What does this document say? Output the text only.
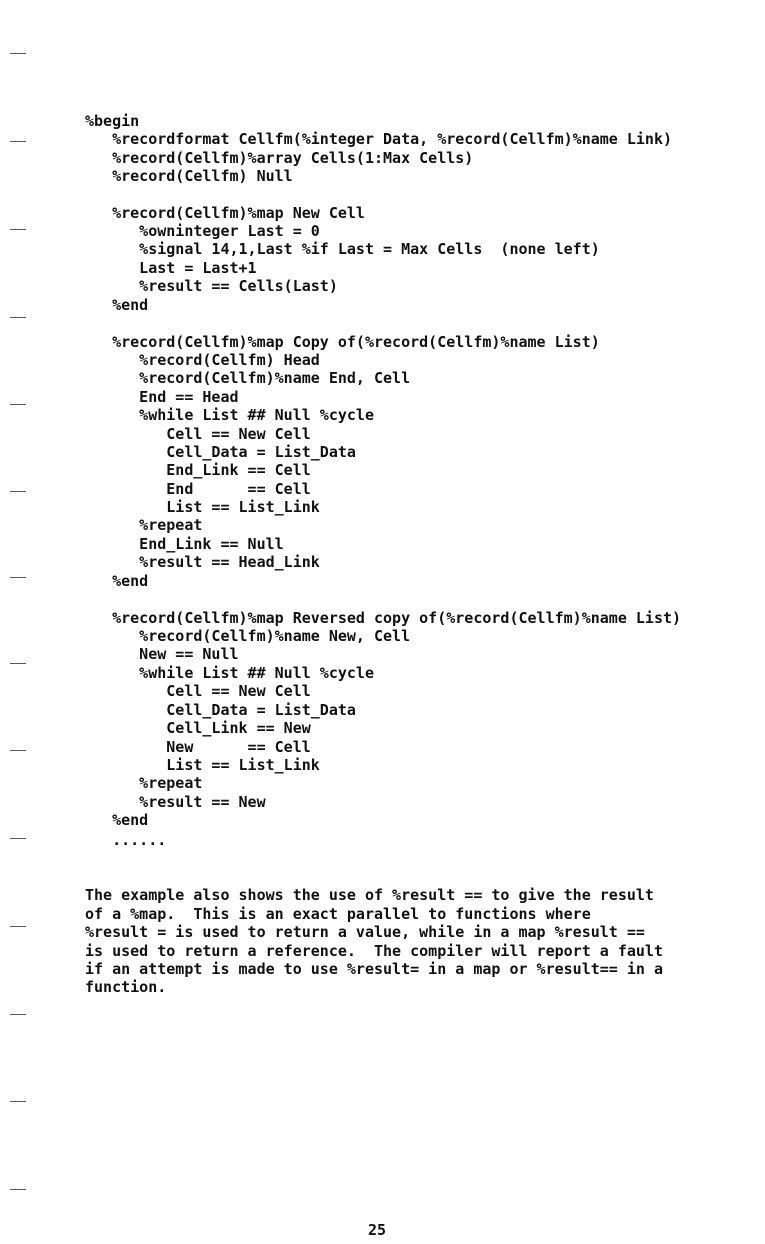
%begin
%recordformat Cellfm(%integer Data, %record(Cellfm)%name Link)
%record(Cellfm)%array Cells(1:Max Cells)
%record(Cellfm) Null
%record(Cellfm)%map New Cell
%owninteger Last = 0
%signal 14,1,Last %if Last = Max Cells  (none left)
Last = Last+1
%result == Cells(Last)
%end
%record(Cellfm)%map Copy of(%record(Cellfm)%name List)
%record(Cellfm) Head
%record(Cellfm)%name End, Cell
End == Head
%while List ## Null %cycle
Cell == New Cell
Cell_Data = List_Data
End_Link == Cell
End      == Cell
List == List_Link
%repeat
End_Link == Null
%result == Head_Link
%end
%record(Cellfm)%map Reversed copy of(%record(Cellfm)%name List)
%record(Cellfm)%name New, Cell
New == Null
%while List ## Null %cycle
Cell == New Cell
Cell_Data = List_Data
Cell_Link == New
New      == Cell
List == List_Link
%repeat
%result == New
%end
......
The example also shows the use of %result == to give the result
of a %map.  This is an exact parallel to functions where
%result = is used to return a value, while in a map %result ==
is used to return a reference.  The compiler will report a fault
if an attempt is made to use %result= in a map or %result== in a
function.
25
